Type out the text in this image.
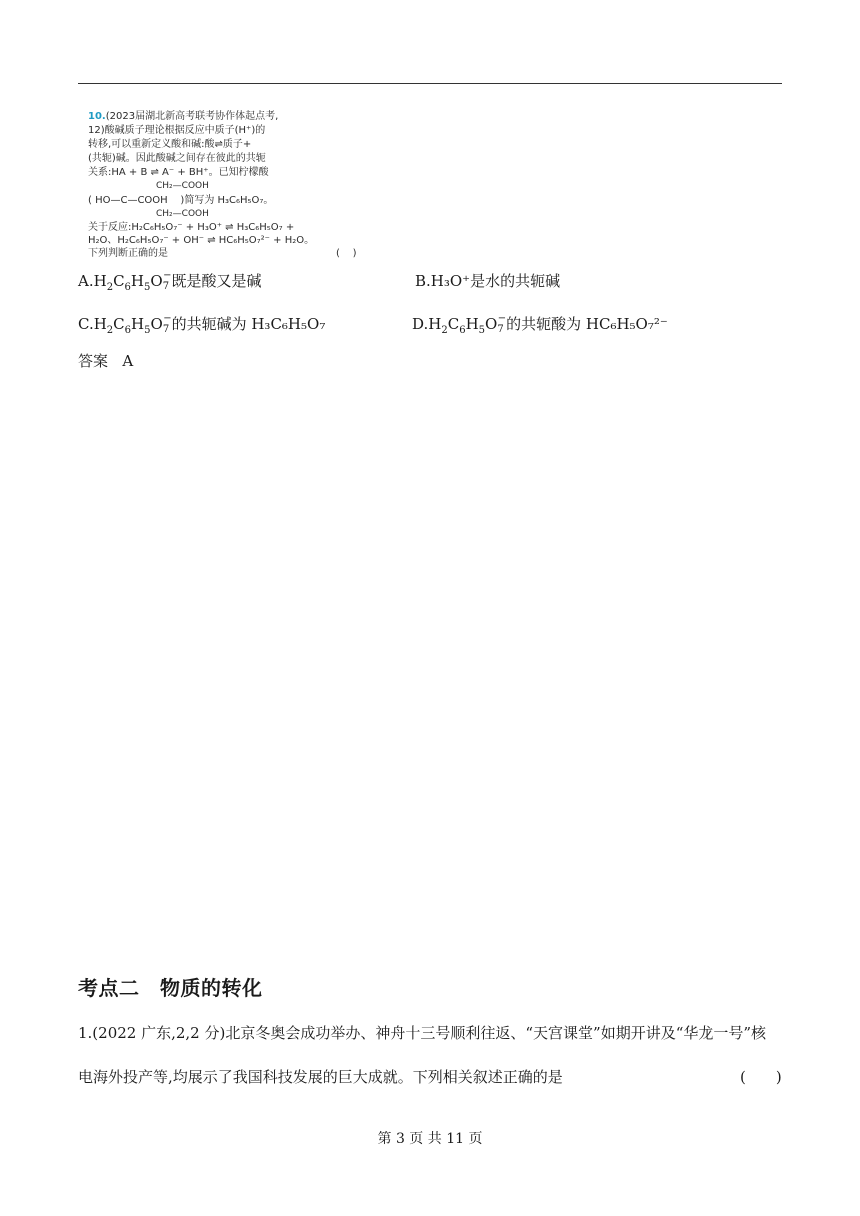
10.(2023届湖北新高考联考协作体起点考,
12)酸碱质子理论根据反应中质子(H⁺)的
转移,可以重新定义酸和碱:酸⇌质子+
(共轭)碱。因此酸碱之间存在彼此的共轭
关系:HA + B ⇌ A⁻ + BH⁺。已知柠檬酸
CH₂—COOH
( HO—C—COOH    )简写为 H₃C₆H₅O₇。
CH₂—COOH
关于反应:H₂C₆H₅O₇⁻ + H₃O⁺ ⇌ H₃C₆H₅O₇ +
H₂O、H₂C₆H₅O₇⁻ + OH⁻ ⇌ HC₆H₅O₇²⁻ + H₂O。
下列判断正确的是	(    )
$A.H_2C_6H_5O_7^-$既是酸又是碱	B.H₃O⁺是水的共轭碱
$C.H_2C_6H_5O_7^-$的共轭碱为 H₃C₆H₅O₇	$D.H_2C_6H_5O_7^-$的共轭酸为 HC₆H₅O₇²⁻
答案 A
考点二　物质的转化
1.(2022 广东,2,2 分)北京冬奥会成功举办、神舟十三号顺利往返、“天宫课堂”如期开讲及“华龙一号”核
电海外投产等,均展示了我国科技发展的巨大成就。下列相关叙述正确的是	(　　)
第 3 页 共 11 页
